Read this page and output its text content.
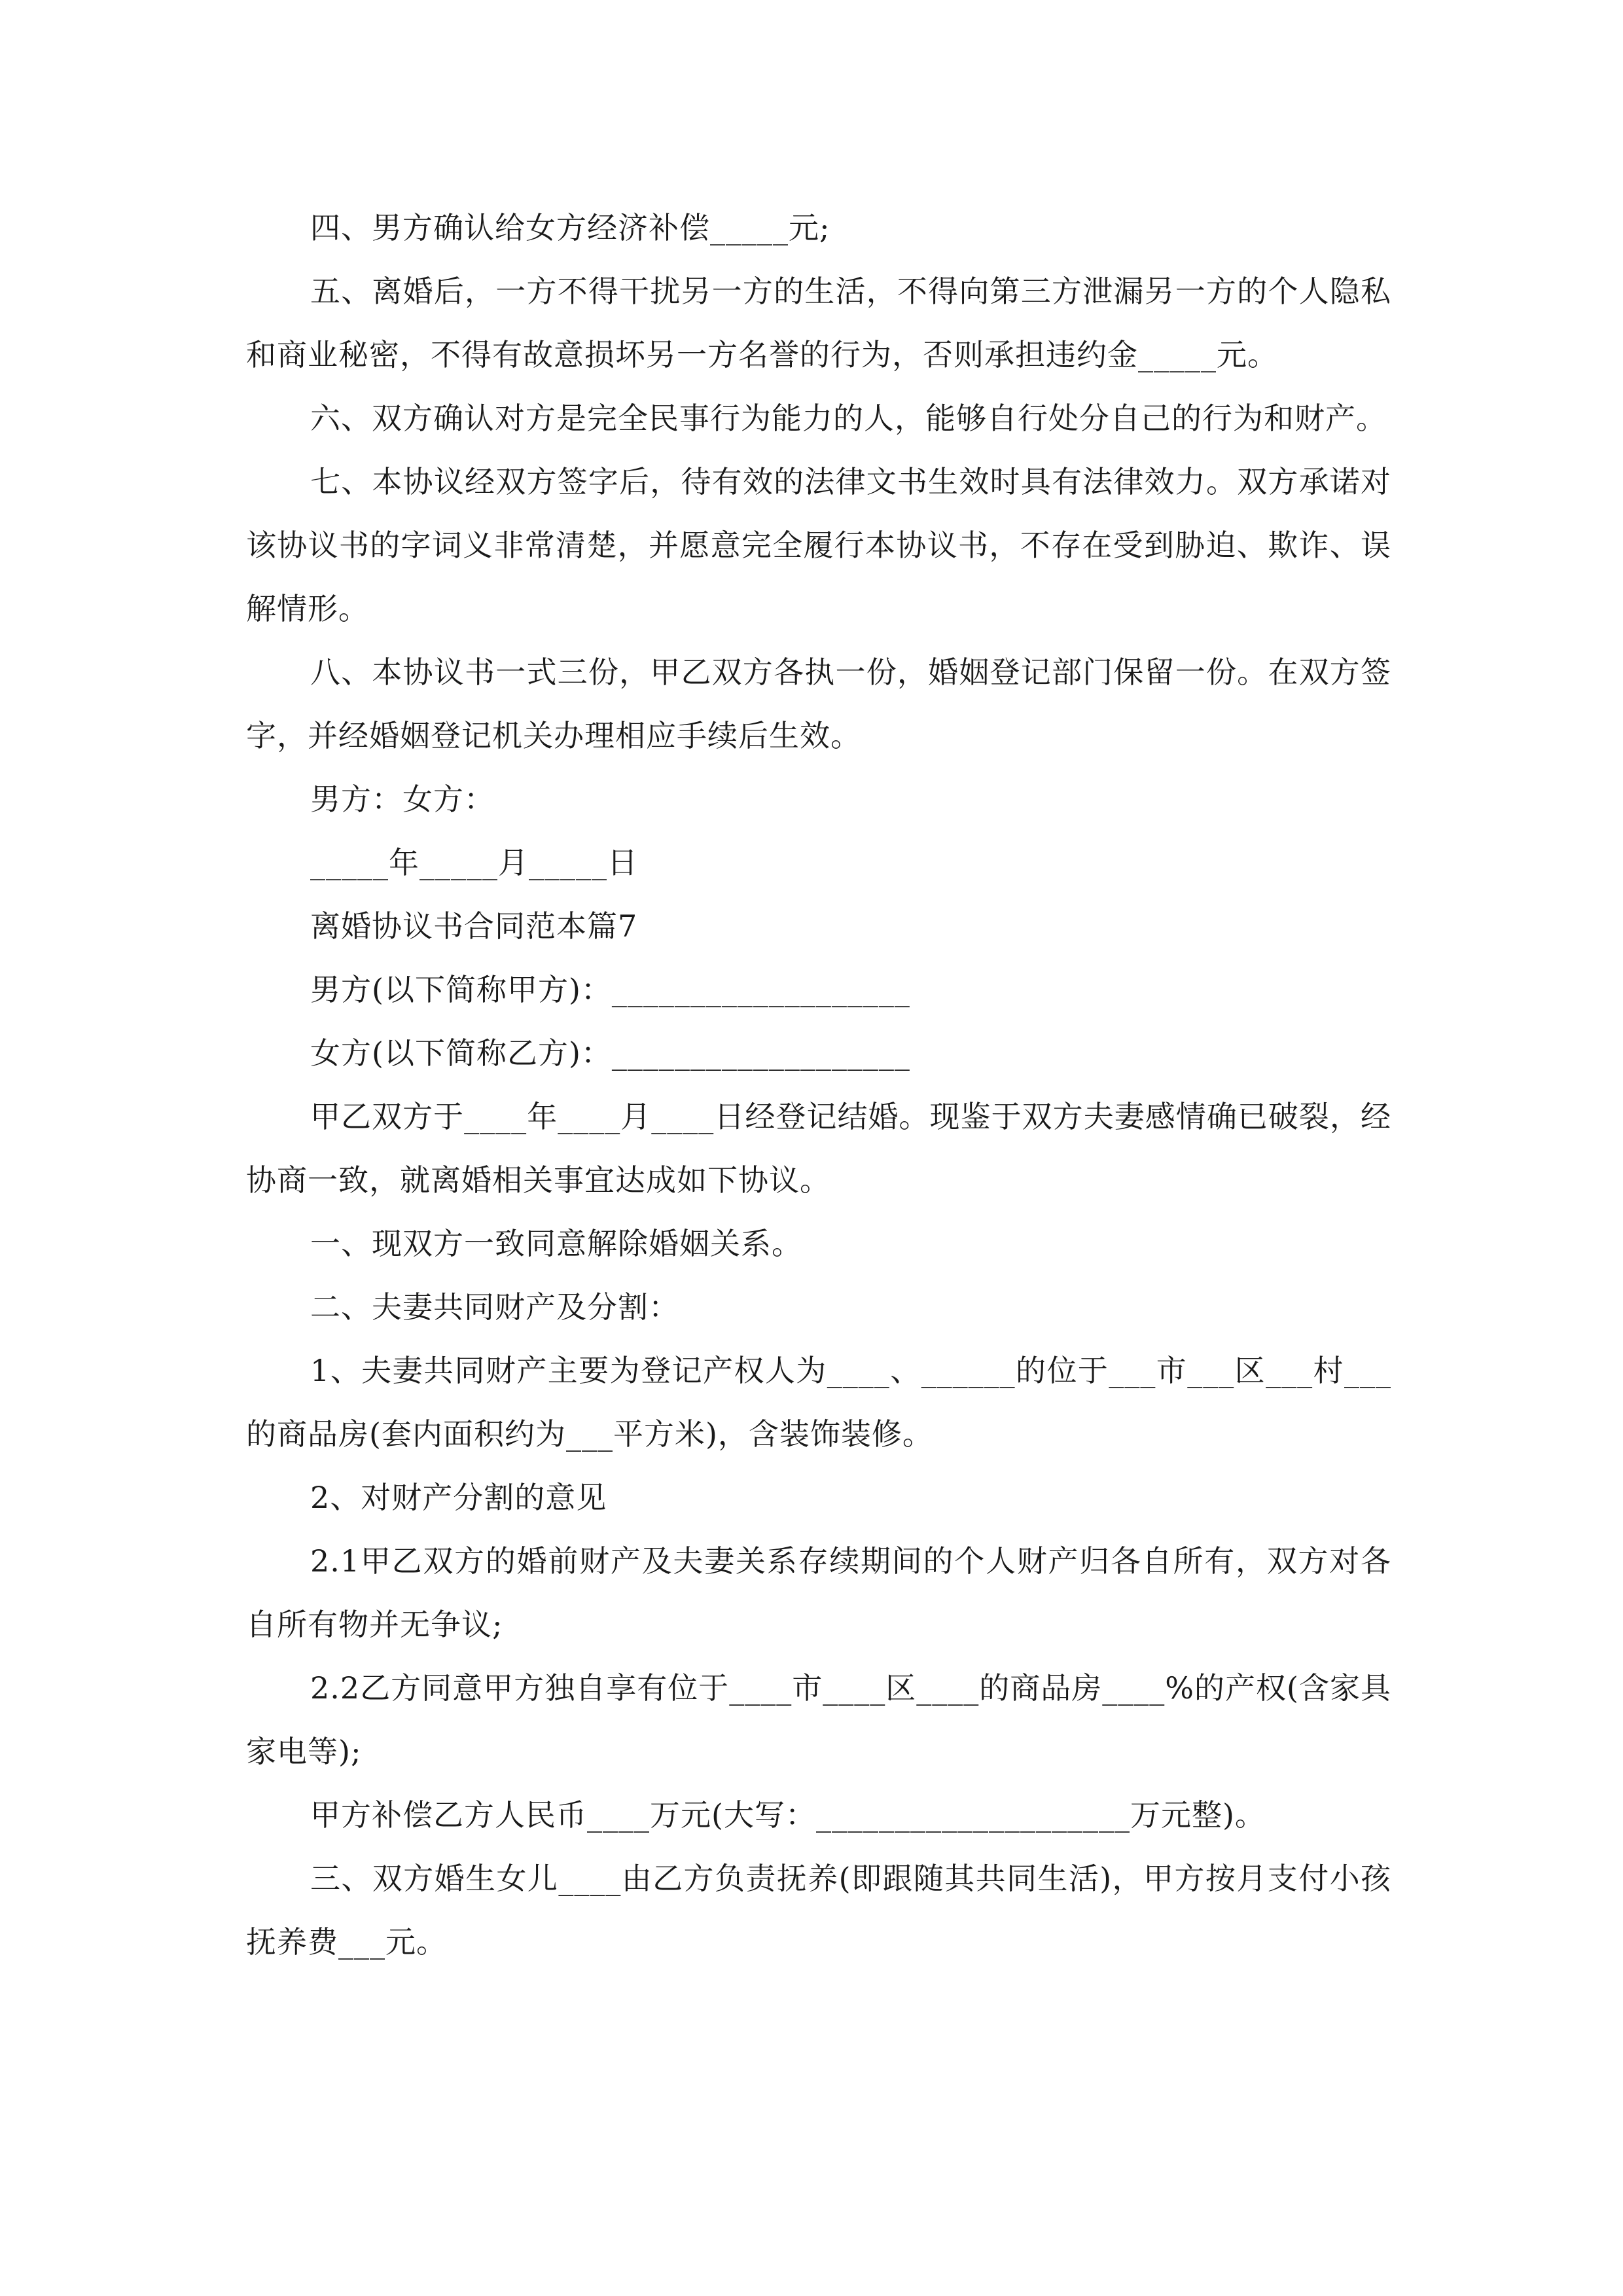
四、男方确认给女方经济补偿_____元;

五、离婚后，一方不得干扰另一方的生活，不得向第三方泄漏另一方的个人隐私和商业秘密，不得有故意损坏另一方名誉的行为，否则承担违约金_____元。

六、双方确认对方是完全民事行为能力的人，能够自行处分自己的行为和财产。

七、本协议经双方签字后，待有效的法律文书生效时具有法律效力。双方承诺对该协议书的字词义非常清楚，并愿意完全履行本协议书，不存在受到胁迫、欺诈、误解情形。

八、本协议书一式三份，甲乙双方各执一份，婚姻登记部门保留一份。在双方签字，并经婚姻登记机关办理相应手续后生效。

男方：女方：

_____年_____月_____日

离婚协议书合同范本篇7

男方(以下简称甲方)：___________________

女方(以下简称乙方)：___________________

甲乙双方于____年____月____日经登记结婚。现鉴于双方夫妻感情确已破裂，经协商一致，就离婚相关事宜达成如下协议。

一、现双方一致同意解除婚姻关系。

二、夫妻共同财产及分割：

1、夫妻共同财产主要为登记产权人为____、______的位于___市___区___村___的商品房(套内面积约为___平方米)，含装饰装修。

2、对财产分割的意见

2.1甲乙双方的婚前财产及夫妻关系存续期间的个人财产归各自所有，双方对各自所有物并无争议;

2.2乙方同意甲方独自享有位于____市____区____的商品房____%的产权(含家具家电等);

甲方补偿乙方人民币____万元(大写：____________________万元整)。

三、双方婚生女儿____由乙方负责抚养(即跟随其共同生活)，甲方按月支付小孩抚养费___元。
